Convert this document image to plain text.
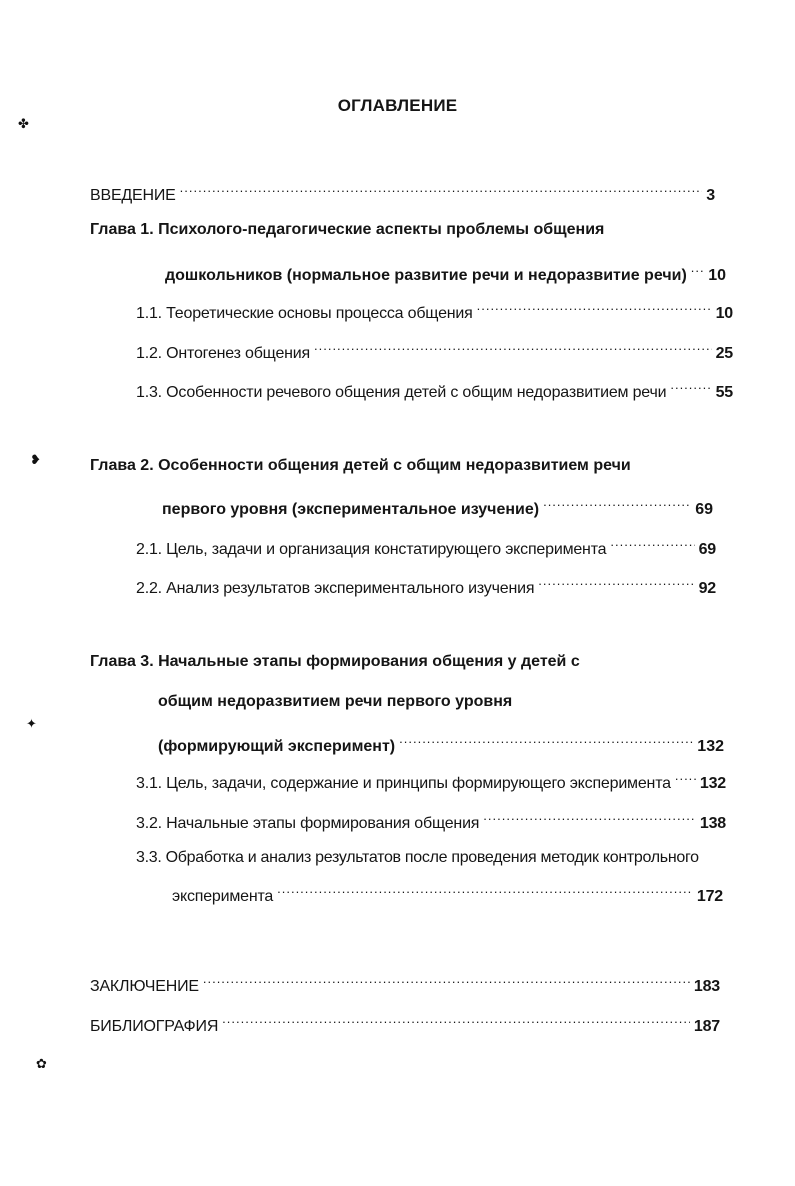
✤
❥
✦
✿
ОГЛАВЛЕНИЕ
ВВЕДЕНИЕ .....	3
Глава 1. Психолого-педагогические аспекты проблемы общения
дошкольников (нормальное развитие речи и недоразвитие речи) ..... 10
1.1. Теоретические основы процесса общения .....	10
1.2. Онтогенез общения .....	25
1.3. Особенности речевого общения детей с общим недоразвитием речи .....	55
Глава 2. Особенности общения детей с общим недоразвитием речи
первого уровня (экспериментальное изучение) .....	69
2.1. Цель, задачи и организация констатирующего эксперимента .....	69
2.2. Анализ результатов экспериментального изучения .....	92
Глава 3. Начальные этапы формирования общения у детей с
общим недоразвитием речи первого уровня
(формирующий эксперимент) .....	132
3.1. Цель, задачи, содержание и принципы формирующего эксперимента ..... 132
3.2. Начальные этапы формирования общения .....	138
3.3. Обработка и анализ результатов после проведения методик контрольного
эксперимента .....	172
ЗАКЛЮЧЕНИЕ .....	183
БИБЛИОГРАФИЯ .....	187
